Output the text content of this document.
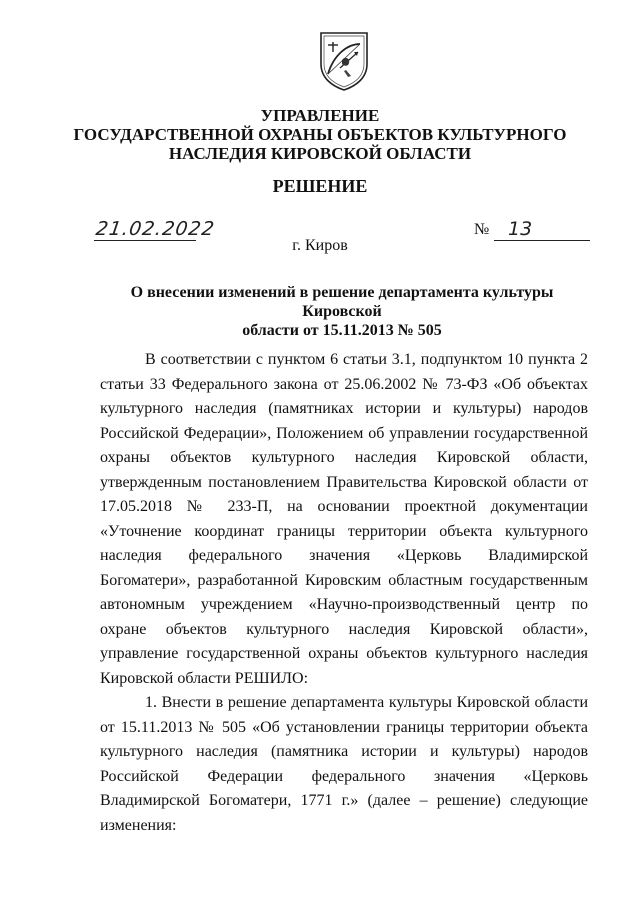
УПРАВЛЕНИЕ
ГОСУДАРСТВЕННОЙ ОХРАНЫ ОБЪЕКТОВ КУЛЬТУРНОГО
НАСЛЕДИЯ КИРОВСКОЙ ОБЛАСТИ
РЕШЕНИЕ
21.02.2022	№ 13
г. Киров
О внесении изменений в решение департамента культуры Кировской
области от 15.11.2013 № 505

В соответствии с пунктом 6 статьи 3.1, подпунктом 10 пункта 2 статьи 33 Федерального закона от 25.06.2002 № 73-ФЗ «Об объектах культурного наследия (памятниках истории и культуры) народов Российской Федерации», Положением об управлении государственной охраны объектов культурного наследия Кировской области, утвержденным постановлением Правительства Кировской области от 17.05.2018 № 233-П, на основании проектной документации «Уточнение координат границы территории объекта культурного наследия федерального значения «Церковь Владимирской Богоматери», разработанной Кировским областным государственным автономным учреждением «Научно-производственный центр по охране объектов культурного наследия Кировской области», управление государственной охраны объектов культурного наследия Кировской области РЕШИЛО:

1. Внести в решение департамента культуры Кировской области от 15.11.2013 № 505 «Об установлении границы территории объекта культурного наследия (памятника истории и культуры) народов Российской Федерации федерального значения «Церковь Владимирской Богоматери, 1771 г.» (далее – решение) следующие изменения:
